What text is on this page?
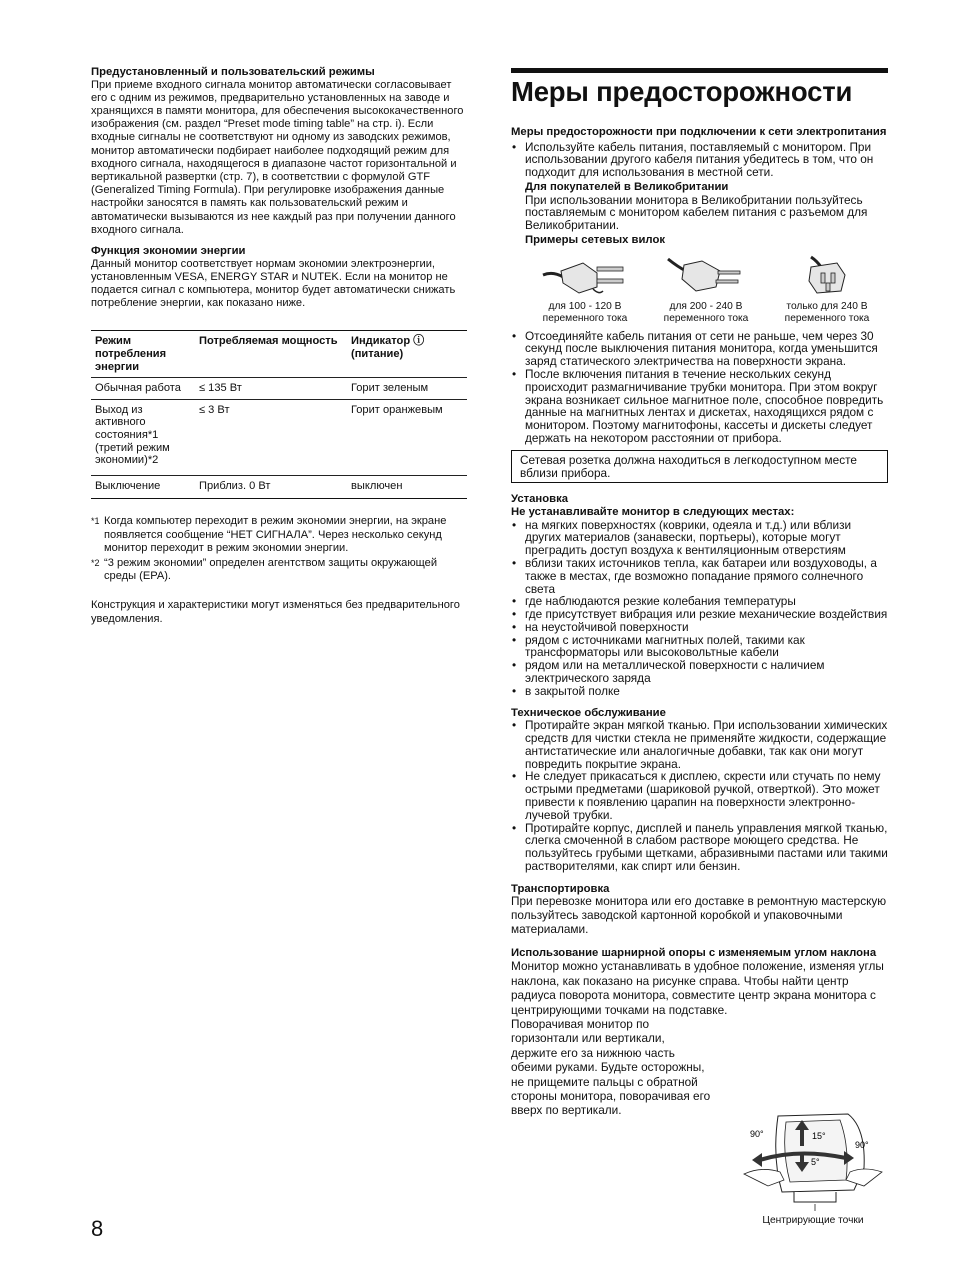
Предустановленный и пользовательский режимы

При приеме входного сигнала монитор автоматически согласовывает его с одним из режимов, предварительно установленных на заводе и хранящихся в памяти монитора, для обеспечения высококачественного изображения (см. раздел “Preset mode timing table” на стр. i). Если входные сигналы не соответствуют ни одному из заводских режимов, монитор автоматически подбирает наиболее подходящий режим для входного сигнала, находящегося в диапазоне частот горизонтальной и вертикальной развертки (стр. 7), в соответствии с формулой GTF (Generalized Timing Formula). При регулировке изображения данные настройки заносятся в память как пользовательский режим и автоматически вызываются из нее каждый раз при получении данного входного сигнала.

Функция экономии энергии

Данный монитор соответствует нормам экономии электроэнергии, установленным VESA, ENERGY STAR и NUTEK. Если на монитор не подается сигнал с компьютера, монитор будет автоматически снижать потребление энергии, как показано ниже.

Режим потребления энергии	Потребляемая мощность	Индикатор ⓘ (питание)
Обычная работа	≤ 135 Вт	Горит зеленым
Выход из активного состояния*1 (третий режим экономии)*2	≤ 3 Вт	Горит оранжевым
Выключение	Приблиз. 0 Вт	выключен
*1 Когда компьютер переходит в режим экономии энергии, на экране появляется сообщение “НЕТ СИГНАЛА”. Через несколько секунд монитор переходит в режим экономии энергии.
*2 “3 режим экономии” определен агентством защиты окружающей среды (EPA).

Конструкция и характеристики могут изменяться без предварительного уведомления.

Меры предосторожности

Меры предосторожности при подключении к сети электропитания

• Используйте кабель питания, поставляемый с монитором. При использовании другого кабеля питания убедитесь в том, что он подходит для использования в местной сети.

Для покупателей в Великобритании

При использовании монитора в Великобритании пользуйтесь поставляемым с монитором кабелем питания с разъемом для Великобритании.

Примеры сетевых вилок

для 100 - 120 В переменного тока
для 200 - 240 В переменного тока
только для 240 В переменного тока
• Отсоединяйте кабель питания от сети не раньше, чем через 30 секунд после выключения питания монитора, когда уменьшится заряд статического электричества на поверхности экрана.
• После включения питания в течение нескольких секунд происходит размагничивание трубки монитора. При этом вокруг экрана возникает сильное магнитное поле, способное повредить данные на магнитных лентах и дискетах, находящихся рядом с монитором. Поэтому магнитофоны, кассеты и дискеты следует держать на некотором расстоянии от прибора.
Сетевая розетка должна находиться в легкодоступном месте вблизи прибора.

Установка

Не устанавливайте монитор в следующих местах:

• на мягких поверхностях (коврики, одеяла и т.д.) или вблизи других материалов (занавески, портьеры), которые могут преградить доступ воздуха к вентиляционным отверстиям
• вблизи таких источников тепла, как батареи или воздуховоды, а также в местах, где возможно попадание прямого солнечного света
• где наблюдаются резкие колебания температуры
• где присутствует вибрация или резкие механические воздействия
• на неустойчивой поверхности
• рядом с источниками магнитных полей, такими как трансформаторы или высоковольтные кабели
• рядом или на металлической поверхности с наличием электрического заряда
• в закрытой полке

Техническое обслуживание

• Протирайте экран мягкой тканью. При использовании химических средств для чистки стекла не применяйте жидкости, содержащие антистатические или аналогичные добавки, так как они могут повредить покрытие экрана.
• Не следует прикасаться к дисплею, скрести или стучать по нему острыми предметами (шариковой ручкой, отверткой). Это может привести к появлению царапин на поверхности электронно-лучевой трубки.
• Протирайте корпус, дисплей и панель управления мягкой тканью, слегка смоченной в слабом растворе моющего средства. Не пользуйтесь грубыми щетками, абразивными пастами или такими растворителями, как спирт или бензин.

Транспортировка

При перевозке монитора или его доставке в ремонтную мастерскую пользуйтесь заводской картонной коробкой и упаковочными материалами.

Использование шарнирной опоры с изменяемым углом наклона

Монитор можно устанавливать в удобное положение, изменяя углы наклона, как показано на рисунке справа. Чтобы найти центр радиуса поворота монитора, совместите центр экрана монитора с центрирующими точками на подставке.

Поворачивая монитор по горизонтали или вертикали, держите его за нижнюю часть обеими руками. Будьте осторожны, не прищемите пальцы с обратной стороны монитора, поворачивая его вверх по вертикали.

90°
90°
15°
5°
Центрирующие точки
8
